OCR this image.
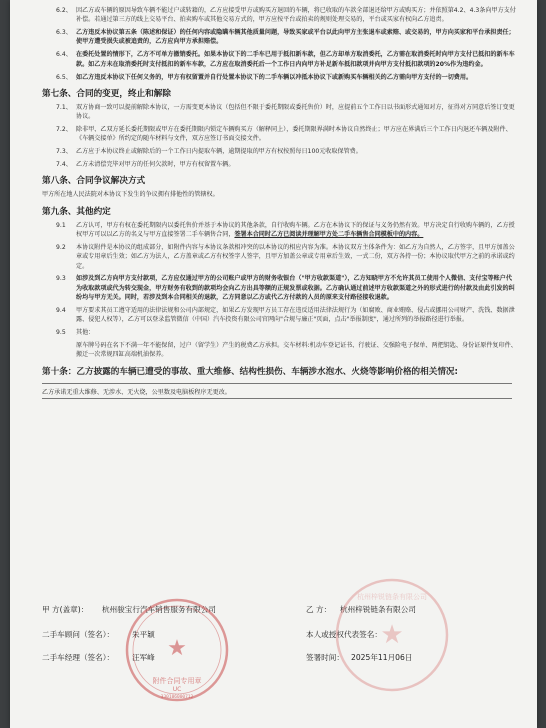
6.2、 因乙方或车辆的原因导致车辆不能过户或转籍的，乙方应接受甲方或购买方退回的车辆，将已收取的车款全部退还给甲方或购买方；并依照第4.2、4.3条向甲方支付补偿。若通过第三方的线上交易平台、拍卖购车或其他交易方式的，甲方应按平台或拍卖的规则处理交易的，平台或买家有权向乙方追责。
6.3、 乙方违反本协议第五条（陈述和保证）的任何内容或隐瞒车辆其他质量问题，导致买家或平台以此向甲方主张退车或索赔、或交易的，甲方向买家和平台承担责任；使甲方遭受损失或被追责的，乙方应向甲方承担赔偿。
6.4、 在委托处置的情形下，乙方不可单方撤销委托。如果本协议下的二手车已用于抵扣新车款，但乙方却单方取消委托，乙方需在取消委托时向甲方支付已抵扣的新车车款。如乙方未在取消委托时支付抵扣的新车车款，乙方应在取消委托后一个工作日内向甲方补足新车抵扣款项并向甲方支付抵扣款项的20%作为违约金。
6.5、 如乙方违反本协议下任何义务的，甲方有权留置并自行处置本协议下的二手车辆以冲抵本协议下或新购买车辆相关的乙方需向甲方支付的一切费用。
第七条、合同的变更，终止和解除
7.1、 双方协商一致可以提前解除本协议，一方需变更本协议（包括但不限于委托期限或委托售价）时，应提前五个工作日以书面形式通知对方，征得对方同意后签订变更协议。
7.2、 除非甲、乙双方延长委托期限或甲方在委托期限内锁定车辆购买方（解释同上），委托期限界满时本协议自然终止；甲方应在界满后三个工作日内退还车辆及附件、《车辆交接单》所约定的随车材料与文件，双方应签订书面交接文件。
7.3、 乙方应于本协议终止或解除后的一个工作日内提取车辆，逾期提取的甲方有权按照每日100元收取保管费。
7.4、 乙方未清偿完毕对甲方的任何欠款时，甲方有权留置车辆。
第八条、合同争议解决方式
甲方所在地人民法院对本协议下发生的争议拥有排他性的管辖权。
第九条、其他约定
9.1	乙方认可，甲方有权在委托期限内以委托售价并基于本协议的其他条款，自行收购车辆。乙方在本协议下的保证与义务仍然有效。甲方决定自行收购车辆的，乙方授权甲方可以以乙方的名义与甲方直接签署二手车辆售合同，签署本合同时乙方已阅读并理解甲方处二手车辆售合同模板中的内容。
9.2	本协议附件是本协议的组成部分，如附件内容与本协议条款相冲突的以本协议的相应内容为准。本协议双方主体条件为：如乙方为自然人，乙方签字，且甲方加盖公章或专用章后生效；如乙方为法人，乙方盖章或乙方有权签字人签字，且甲方加盖公章或专用章后生效，一式二份，双方各持一份；本协议取代甲方之前的承诺或约定。
9.3	如涉及到乙方向甲方支付款项，乙方应仅通过甲方的公司账户或甲方的财务收银台（"甲方收款渠道"），乙方知晓甲方不允许其员工使用个人微信、支付宝等账户代为收取款项或代为转交现金，甲方财务有收到的款项均会向乙方出具等额的正规发票或收据。乙方确认通过前述甲方收款渠道之外的形式进行的付款及由此引发的纠纷均与甲方无关。同时，若涉及到本合同相关的退款，乙方同意以乙方或代乙方付款的人员的原来支付路径接收退款。
9.4	甲方要求其员工遵守适用的法律法规和公司内部规定，如果乙方发现甲方员工存在违反适用法律法规行为（如腐败、商业贿赂、侵占或挪用公司财产、洗钱、数据泄露、侵犯人权等），乙方可以登录监管微信（中国）汽车投资有限公司官网向"合规与廉正"页面，点击"举报制度"，通过所列的举报路径进行举报。
9.5	其他：
原车牌号码在名下不满一年不能保留，过户（留学生）产生的税费乙方承担。交车材料:机动车登记证书、行驶证、交强险电子保单、两把钥匙、身份证原件复印件、搬迁一次常规四缸高端机油保养。
第十条：乙方披露的车辆已遭受的事故、重大维修、结构性损伤、车辆涉水泡水、火烧等影响价格的相关情况:
乙方承诺无重大维修、无涉水、无火烧，公里数及电脑板程序无更改。
甲 方(盖章)： 杭州骏宝行汽车销售服务有限公司
二手车顾问（签名）： 朱平颖
二手车经理（签名）： 汪军峰
乙 方： 杭州梓锐链条有限公司
本人或授权代表签名：
签署时间： 2025年11月06日
★
附件合同专用章
UC
330106000712
★
杭州梓锐链条有限公司
